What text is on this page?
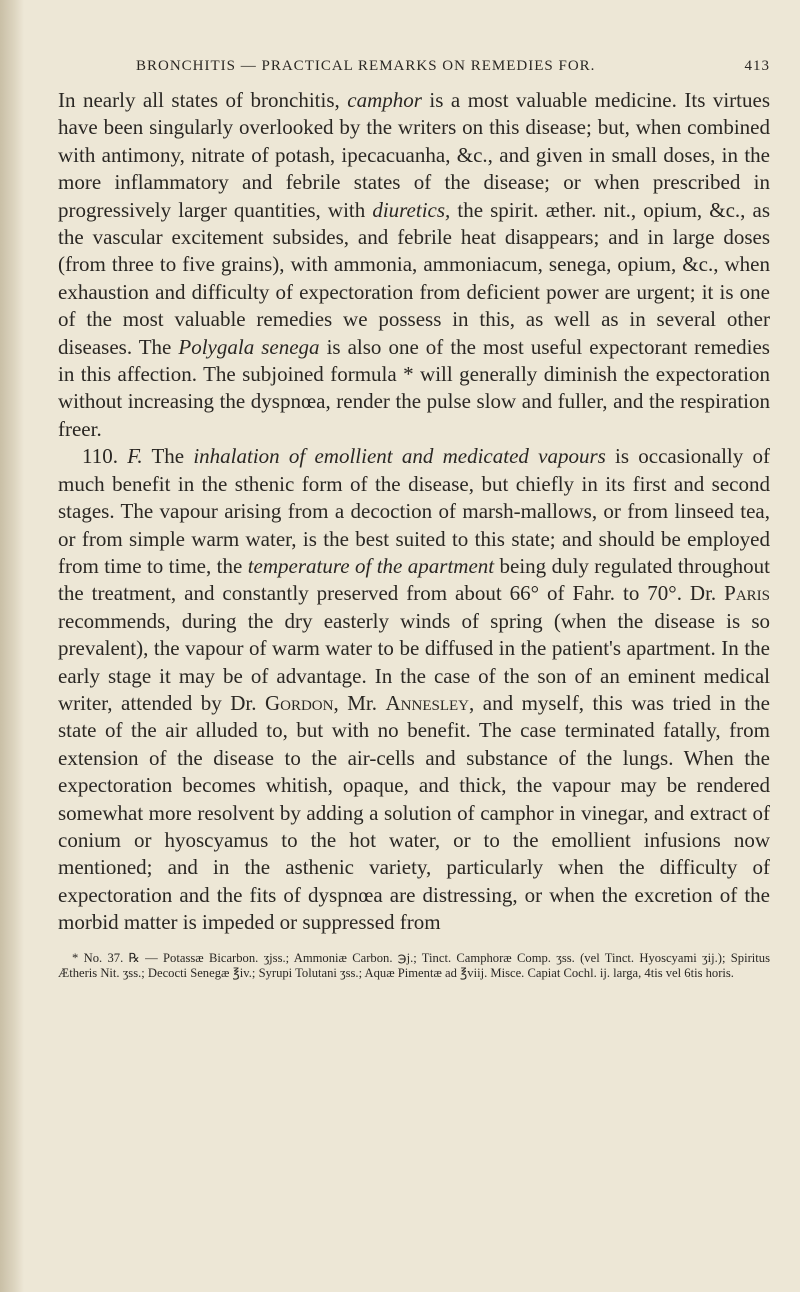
BRONCHITIS — PRACTICAL REMARKS ON REMEDIES FOR.	413

In nearly all states of bronchitis, camphor is a most valuable medicine. Its virtues have been singularly overlooked by the writers on this disease; but, when combined with antimony, nitrate of potash, ipecacuanha, &c., and given in small doses, in the more inflammatory and febrile states of the disease; or when prescribed in progressively larger quantities, with diuretics, the spirit. æther. nit., opium, &c., as the vascular excitement subsides, and febrile heat disappears; and in large doses (from three to five grains), with ammonia, ammoniacum, senega, opium, &c., when exhaustion and difficulty of expectoration from deficient power are urgent; it is one of the most valuable remedies we possess in this, as well as in several other diseases. The Polygala senega is also one of the most useful expectorant remedies in this affection. The subjoined formula * will generally diminish the expectoration without increasing the dyspnœa, render the pulse slow and fuller, and the respiration freer.

110. F. The inhalation of emollient and medicated vapours is occasionally of much benefit in the sthenic form of the disease, but chiefly in its first and second stages. The vapour arising from a decoction of marsh-mallows, or from linseed tea, or from simple warm water, is the best suited to this state; and should be employed from time to time, the temperature of the apartment being duly regulated throughout the treatment, and constantly preserved from about 66° of Fahr. to 70°. Dr. Paris recommends, during the dry easterly winds of spring (when the disease is so prevalent), the vapour of warm water to be diffused in the patient's apartment. In the early stage it may be of advantage. In the case of the son of an eminent medical writer, attended by Dr. Gordon, Mr. Annesley, and myself, this was tried in the state of the air alluded to, but with no benefit. The case terminated fatally, from extension of the disease to the air-cells and substance of the lungs. When the expectoration becomes whitish, opaque, and thick, the vapour may be rendered somewhat more resolvent by adding a solution of camphor in vinegar, and extract of conium or hyoscyamus to the hot water, or to the emollient infusions now mentioned; and in the asthenic variety, particularly when the difficulty of expectoration and the fits of dyspnœa are distressing, or when the excretion of the morbid matter is impeded or suppressed from

* No. 37. ℞ — Potassæ Bicarbon. ʒjss.; Ammoniæ Carbon. ℈j.; Tinct. Camphoræ Comp. ʒss. (vel Tinct. Hyoscyami ʒij.); Spiritus Ætheris Nit. ʒss.; Decocti Senegæ ℥iv.; Syrupi Tolutani ʒss.; Aquæ Pimentæ ad ℥viij. Misce. Capiat Cochl. ij. larga, 4tis vel 6tis horis.
